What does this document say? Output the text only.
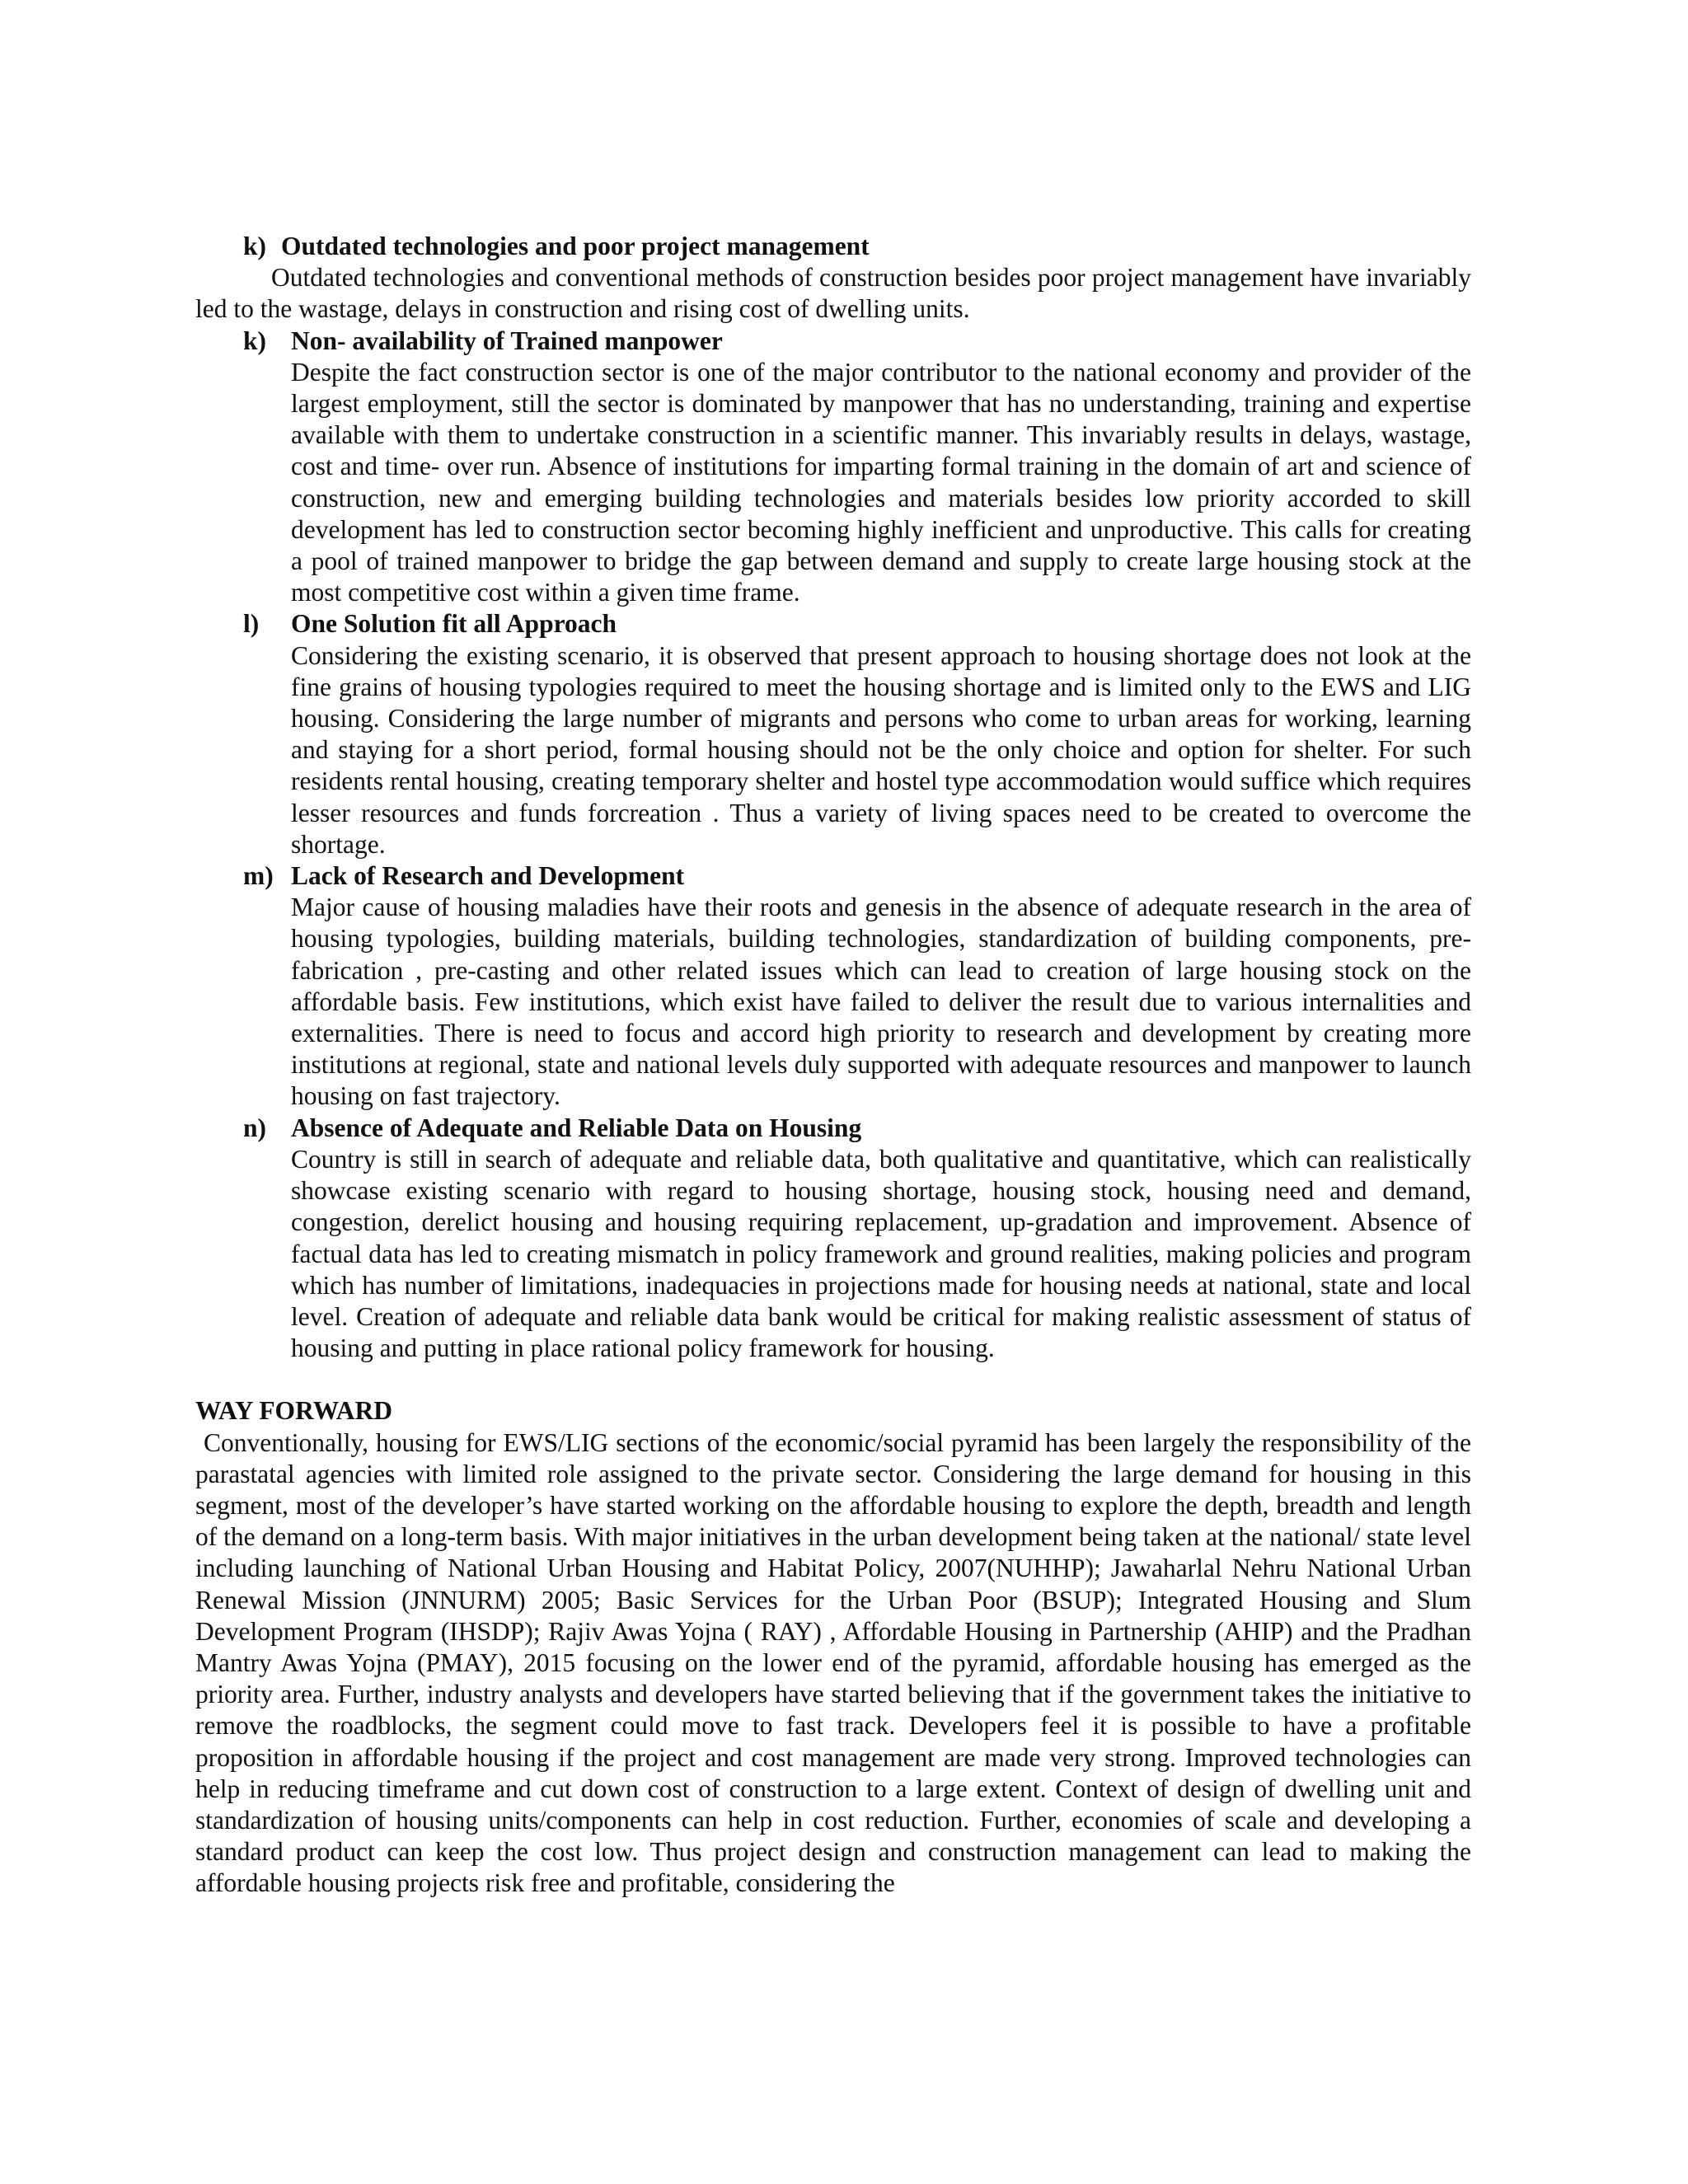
k) Outdated technologies and poor project management

Outdated technologies and conventional methods of construction besides poor project management have invariably led to the wastage, delays in construction and rising cost of dwelling units.

k) Non- availability of Trained manpower

Despite the fact construction sector is one of the major contributor to the national economy and provider of the largest employment, still the sector is dominated by manpower that has no understanding, training and expertise available with them to undertake construction in a scientific manner. This invariably results in delays, wastage, cost and time- over run. Absence of institutions for imparting formal training in the domain of art and science of construction, new and emerging building technologies and materials besides low priority accorded to skill development has led to construction sector becoming highly inefficient and unproductive. This calls for creating a pool of trained manpower to bridge the gap between demand and supply to create large housing stock at the most competitive cost within a given time frame.

l) One Solution fit all Approach

Considering the existing scenario, it is observed that present approach to housing shortage does not look at the fine grains of housing typologies required to meet the housing shortage and is limited only to the EWS and LIG housing. Considering the large number of migrants and persons who come to urban areas for working, learning and staying for a short period, formal housing should not be the only choice and option for shelter. For such residents rental housing, creating temporary shelter and hostel type accommodation would suffice which requires lesser resources and funds forcreation . Thus a variety of living spaces need to be created to overcome the shortage.

m) Lack of Research and Development

Major cause of housing maladies have their roots and genesis in the absence of adequate research in the area of housing typologies, building materials, building technologies, standardization of building components, pre-fabrication , pre-casting and other related issues which can lead to creation of large housing stock on the affordable basis. Few institutions, which exist have failed to deliver the result due to various internalities and externalities. There is need to focus and accord high priority to research and development by creating more institutions at regional, state and national levels duly supported with adequate resources and manpower to launch housing on fast trajectory.

n) Absence of Adequate and Reliable Data on Housing

Country is still in search of adequate and reliable data, both qualitative and quantitative, which can realistically showcase existing scenario with regard to housing shortage, housing stock, housing need and demand, congestion, derelict housing and housing requiring replacement, up-gradation and improvement. Absence of factual data has led to creating mismatch in policy framework and ground realities, making policies and program which has number of limitations, inadequacies in projections made for housing needs at national, state and local level. Creation of adequate and reliable data bank would be critical for making realistic assessment of status of housing and putting in place rational policy framework for housing.

WAY FORWARD

Conventionally, housing for EWS/LIG sections of the economic/social pyramid has been largely the responsibility of the parastatal agencies with limited role assigned to the private sector. Considering the large demand for housing in this segment, most of the developer’s have started working on the affordable housing to explore the depth, breadth and length of the demand on a long-term basis. With major initiatives in the urban development being taken at the national/ state level including launching of National Urban Housing and Habitat Policy, 2007(NUHHP); Jawaharlal Nehru National Urban Renewal Mission (JNNURM) 2005; Basic Services for the Urban Poor (BSUP); Integrated Housing and Slum Development Program (IHSDP); Rajiv Awas Yojna ( RAY) , Affordable Housing in Partnership (AHIP) and the Pradhan Mantry Awas Yojna (PMAY), 2015 focusing on the lower end of the pyramid, affordable housing has emerged as the priority area. Further, industry analysts and developers have started believing that if the government takes the initiative to remove the roadblocks, the segment could move to fast track. Developers feel it is possible to have a profitable proposition in affordable housing if the project and cost management are made very strong. Improved technologies can help in reducing timeframe and cut down cost of construction to a large extent. Context of design of dwelling unit and standardization of housing units/components can help in cost reduction. Further, economies of scale and developing a standard product can keep the cost low. Thus project design and construction management can lead to making the affordable housing projects risk free and profitable, considering the
